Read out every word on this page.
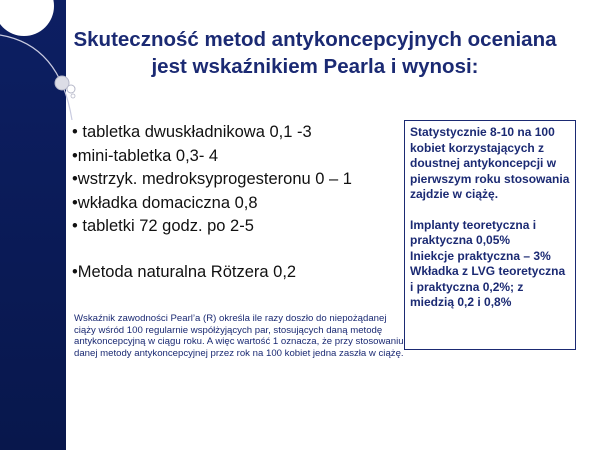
Skuteczność metod antykoncepcyjnych oceniana
jest wskaźnikiem Pearla i wynosi:
• tabletka dwuskładnikowa 0,1 -3
•mini-tabletka 0,3- 4
•wstrzyk. medroksyprogesteronu 0 – 1
•wkładka domaciczna 0,8
• tabletki 72 godz. po 2-5
•Metoda naturalna Rötzera 0,2
Wskaźnik zawodności Pearl’a (R) określa ile razy doszło do niepożądanej ciąży wśród 100 regularnie współżyjących par, stosujących daną metodę antykoncepcyjną w ciągu roku. A więc wartość 1 oznacza, że przy stosowaniu danej metody antykoncepcyjnej przez rok na 100 kobiet jedna zaszła w ciążę.

Statystycznie 8-10 na 100 kobiet korzystających z doustnej antykoncepcji w pierwszym roku stosowania zajdzie w ciążę.

Implanty teoretyczna i praktyczna 0,05%

Iniekcje praktyczna – 3%

Wkładka z LVG teoretyczna i praktyczna 0,2%; z miedzią 0,2 i 0,8%
